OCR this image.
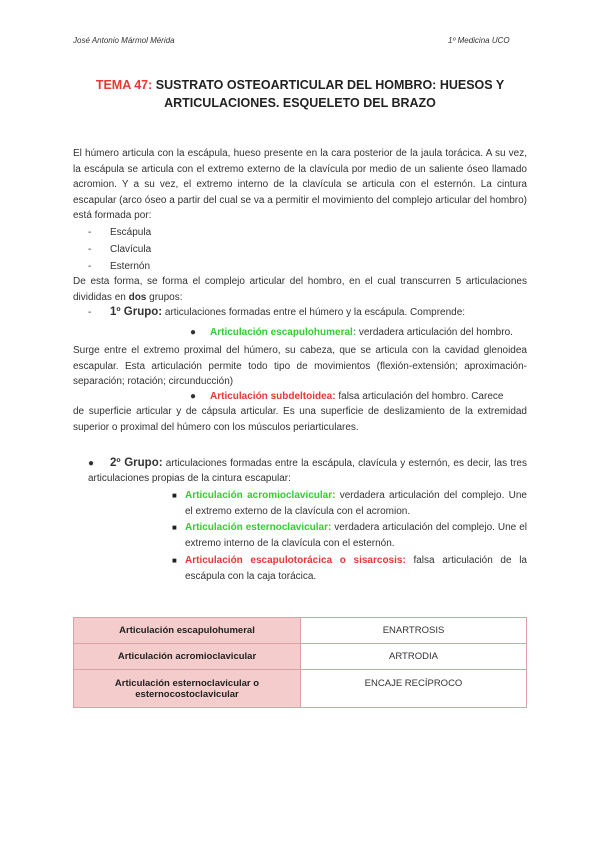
José Antonio Mármol Mérida	1º Medicina UCO
TEMA 47: SUSTRATO OSTEOARTICULAR DEL HOMBRO: HUESOS Y
ARTICULACIONES. ESQUELETO DEL BRAZO
El húmero articula con la escápula, hueso presente en la cara posterior de la jaula torácica. A su vez, la escápula se articula con el extremo externo de la clavícula por medio de un saliente óseo llamado acromion. Y a su vez, el extremo interno de la clavícula se articula con el esternón. La cintura escapular (arco óseo a partir del cual se va a permitir el movimiento del complejo articular del hombro) está formada por:
- Escápula
- Clavícula
- Esternón
De esta forma, se forma el complejo articular del hombro, en el cual transcurren 5 articulaciones divididas en dos grupos:
- 1º Grupo: articulaciones formadas entre el húmero y la escápula. Comprende:
● Articulación escapulohumeral: verdadera articulación del hombro.
Surge entre el extremo proximal del húmero, su cabeza, que se articula con la cavidad glenoidea escapular. Esta articulación permite todo tipo de movimientos (flexión-extensión; aproximación-separación; rotación; circunducción)
● Articulación subdeltoidea: falsa articulación del hombro. Carece
de superficie articular y de cápsula articular. Es una superficie de deslizamiento de la extremidad superior o proximal del húmero con los músculos periarticulares.
● 2º Grupo: articulaciones formadas entre la escápula, clavícula y esternón, es decir, las tres articulaciones propias de la cintura escapular:
■ Articulación acromioclavicular: verdadera articulación del complejo. Une el extremo externo de la clavícula con el acromion.
■ Articulación esternoclavicular: verdadera articulación del complejo. Une el extremo interno de la clavícula con el esternón.
■ Articulación escapulotorácica o sisarcosis: falsa articulación de la escápula con la caja torácica.
Articulación escapulohumeral	ENARTROSIS
Articulación acromioclavicular	ARTRODIA
Articulación esternoclavicular o esternocostoclavicular	ENCAJE RECÍPROCO
